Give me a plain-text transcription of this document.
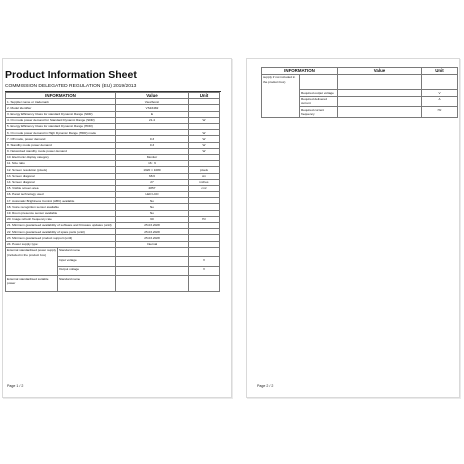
Product Information Sheet
COMMISSION DELEGATED REGULATION (EU) 2019/2013
INFORMATION		Value	Unit
1. Supplier name or trademark		ViewSonic	
2. Model identifier		VS16482	
3. Energy Efficiency Class for standard Dynamic Range (SDR)		E	
4. On mode power demand for Standard Dynamic Range (SDR)		21.4	W
5. Energy Efficiency Class for standard Dynamic Range (HDR)			
6. On mode power demand in High Dynamic Range (HDR) mode			W
7. Off mode, power demand		0.3	W
8. Standby mode power demand		0.3	W
9. Networked standby mode power demand			W
10. Electronic display category		Monitor	
11. Size ratio		16 : 9	
12. Screen resolution (pixels)		1920 × 1080	pixels
13. Screen diagonal		68.6	cm
14. Screen diagonal		27	inches
15. Visible screen area		2857	cm²
16. Panel technology used		LED LCD	
17. Automatic Brightness Control (ABC) available		No	
18. Voice recognition sensor available		No	
19. Room presence sensor available		No	
20. Image refresh frequency rate		60	Hz
21. Minimum guaranteed availability of software and firmware updates (until)		25.03.2028	
22. Minimum guaranteed availability of spare parts (until)		25.03.2028	
23. Minimum guaranteed product support (until)		25.03.2028	
24. Power supply type:		Internal	
External standardised power supply (included in the product box)	Standard name		
	Input voltage		V
	Output voltage		V
External standardised suitable power	Standard name		
Page 1 / 2
INFORMATION		Value	Unit
supply if not included in the product box)			
	Required output voltage		V
	Required delivered current		A
	Required current frequency		Hz
Page 2 / 2
